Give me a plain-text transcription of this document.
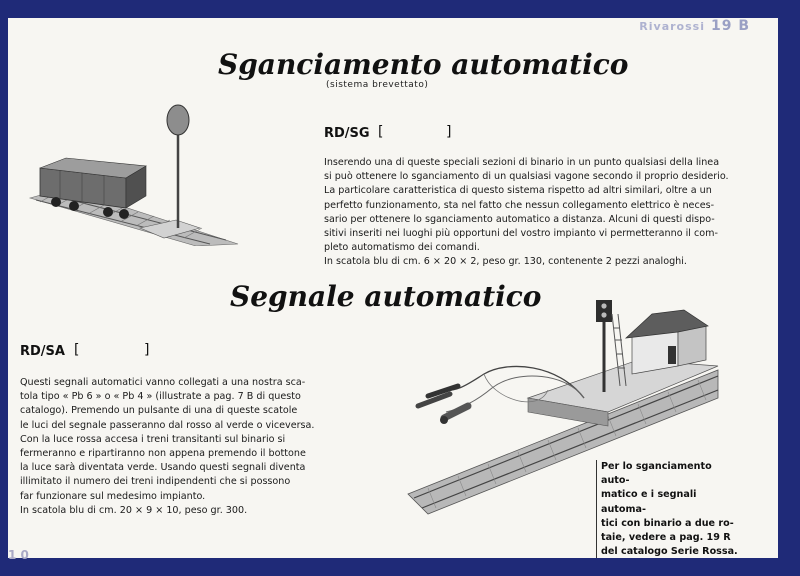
Rivarossi 19 B
Sganciamento automatico
(sistema brevettato)
RD/SG [	]
Inserendo una di queste speciali sezioni di binario in un punto qualsiasi della linea
si può ottenere lo sganciamento di un qualsiasi vagone secondo il proprio desiderio.
La particolare caratteristica di questo sistema rispetto ad altri similari, oltre a un
perfetto funzionamento, sta nel fatto che nessun collegamento elettrico è neces-
sario per ottenere lo sganciamento automatico a distanza. Alcuni di questi dispo-
sitivi inseriti nei luoghi più opportuni del vostro impianto vi permetteranno il com-
pleto automatismo dei comandi.
In scatola blu di cm. 6 × 20 × 2, peso gr. 130, contenente 2 pezzi analoghi.
Segnale automatico
RD/SA [	]
Questi segnali automatici vanno collegati a una nostra sca-
tola tipo « Pb 6 » o « Pb 4 » (illustrate a pag. 7 B di questo
catalogo). Premendo un pulsante di una di queste scatole
le luci del segnale passeranno dal rosso al verde o viceversa.
Con la luce rossa accesa i treni transitanti sul binario si
fermeranno e ripartiranno non appena premendo il bottone
la luce sarà diventata verde. Usando questi segnali diventa
illimitato il numero dei treni indipendenti che si possono
far funzionare sul medesimo impianto.
In scatola blu di cm. 20 × 9 × 10, peso gr. 300.
Per lo sganciamento auto-
matico e i segnali automa-
tici con binario a due ro-
taie, vedere a pag. 19 R
del catalogo Serie Rossa.
1 0
